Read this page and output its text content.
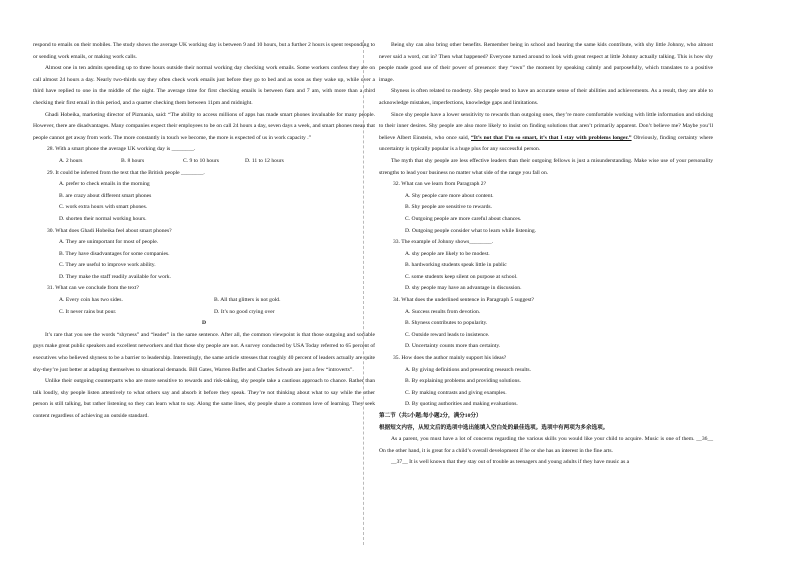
respond to emails on their mobiles. The study shows the average UK working day is between 9 and 10 hours, but a further 2 hours is spent responding to or sending work emails, or making work calls.

Almost one in ten admits spending up to three hours outside their normal working day checking work emails. Some workers confess they are on call almost 24 hours a day. Nearly two-thirds say they often check work emails just before they go to bed and as soon as they wake up, while over a third have replied to one in the middle of the night. The average time for first checking emails is between 6am and 7 am, with more than a third checking their first email in this period, and a quarter checking them between 11pm and midnight.

Ghadi Hobeika, marketing director of Pizmania, said: “The ability to access millions of apps has made smart phones invaluable for many people. However, there are disadvantages. Many companies expect their employees to be on call 24 hours a day, seven days a week, and smart phones mean that people cannot get away from work. The more constantly in touch we become, the more is expected of us in work capacity .”

28. With a smart phone the average UK working day is ________.

A. 2 hours	B. 8 hours	C. 9 to 10 hours	D. 11 to 12 hours

29. It could be inferred from the text that the British people ________.

A. prefer to check emails in the morning

B. are crazy about different smart phones

C. work extra hours with smart phones.

D. shorten their normal working hours.

30. What does Ghadi Hobeika feel about smart phones?

A. They are unimportant for most of people.

B. They have disadvantages for some companies.

C. They are useful to improve work ability.

D. They make the staff readily available for work.

31. What can we conclude from the text?

A. Every coin has two sides.	B. All that glitters is not gold.
C. It never rains but pour.	D. It’s no good crying over

D

It’s rare that you see the words “shyness” and “leader” in the same sentence. After all, the common viewpoint is that those outgoing and sociable guys make great public speakers and excellent networkers and that those shy people are not. A survey conducted by USA Today referred to 65 percent of executives who believed shyness to be a barrier to leadership. Interestingly, the same article stresses that roughly 40 percent of leaders actually are quite shy-they’re just better at adapting themselves to situational demands. Bill Gates, Warren Buffet and Charles Schwab are just a few “introverts”.

Unlike their outgoing counterparts who are more sensitive to rewards and risk-taking, shy people take a cautious approach to chance. Rather than talk loudly, shy people listen attentively to what others say and absorb it before they speak. They’re not thinking about what to say while the other person is still talking, but rather listening so they can learn what to say. Along the same lines, shy people share a common love of learning. They seek content regardless of achieving an outside standard.

Being shy can also bring other benefits. Remember being in school and hearing the same kids contribute, with shy little Johnny, who almost never said a word, cut in? Then what happened? Everyone turned around to look with great respect at little Johnny actually talking. This is how shy people made good use of their power of presence: they “own” the moment by speaking calmly and purposefully, which translates to a positive image.

Shyness is often related to modesty. Shy people tend to have an accurate sense of their abilities and achievements. As a result, they are able to acknowledge mistakes, imperfections, knowledge gaps and limitations.

Since shy people have a lower sensitivity to rewards than outgoing ones, they’re more comfortable working with little information and sticking to their inner desires. Shy people are also more likely to insist on finding solutions that aren’t primarily apparent. Don’t believe me? Maybe you’ll believe Albert Einstein, who once said, “It’s not that I’m so smart, it’s that I stay with problems longer.” Obviously, finding certainty where uncertainty is typically popular is a huge plus for any successful person.

The myth that shy people are less effective leaders than their outgoing fellows is just a misunderstanding. Make wise use of your personality strengths to lead your business no matter what side of the range you fall on.

32. What can we learn from Paragraph 2?

A. Shy people care more about content.

B. Shy people are sensitive to rewards.

C. Outgoing people are more careful about chances.

D. Outgoing people consider what to learn while listening.

33. The example of Johnny shows________.

A. shy people are likely to be modest.

B. hardworking students speak little in public

C. some students keep silent on purpose at school.

D. shy people may have an advantage in discussion.

34. What does the underlined sentence in Paragraph 5 suggest?

A. Success results from devotion.

B. Shyness contributes to popularity.

C. Outside reward leads to insistence.

D. Uncertainty counts more than certainty.

35. How does the author mainly support his ideas?

A. By giving definitions and presenting research results.

B. By explaining problems and providing solutions.

C. By making contrasts and giving examples.

D. By quoting authorities and making evaluations.

第二节（共5小题;每小题2分，满分10分）

根据短文内容，从短文后的选项中选出能填入空白处的最佳选项。选项中有两项为多余选项。

As a parent, you must have a lot of concerns regarding the various skills you would like your child to acquire. Music is one of them. __36__ On the other hand, it is great for a child’s overall development if he or she has an interest in the fine arts.

__37__ It is well known that they stay out of trouble as teenagers and young adults if they have music as a
